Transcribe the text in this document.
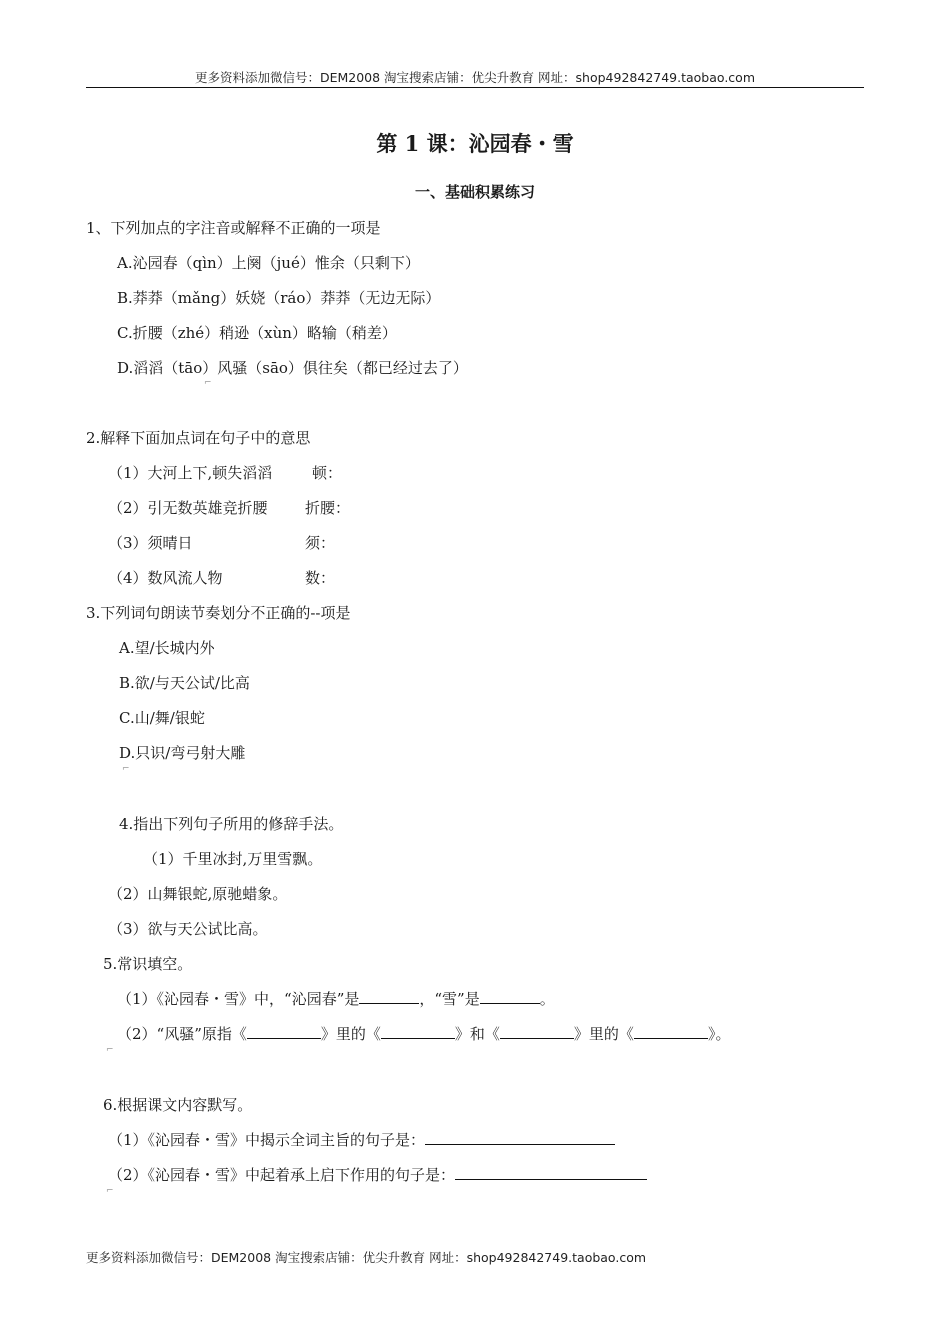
更多资料添加微信号：DEM2008 淘宝搜索店铺：优尖升教育 网址：shop492842749.taobao.com
第 1 课：沁园春・雪
一、基础积累练习
1、下列加点的字注音或解释不正确的一项是
A.沁园春（qìn）上阕（jué）惟余（只剩下）
B.莽莽（mǎng）妖娆（ráo）莽莽（无边无际）
C.折腰（zhé）稍逊（xùn）略输（稍差）
D.滔滔（tāo）风骚（sāo）俱往矣（都已经过去了）
2.解释下面加点词在句子中的意思
（1）大河上下,顿失滔滔	顿：
（2）引无数英雄竞折腰 折腰：
（3）须晴日	须：
（4）数风流人物	数：
3.下列词句朗读节奏划分不正确的--项是
A.望/长城内外
B.欲/与天公试/比高
C.山/舞/银蛇
D.只识/弯弓射大雕
4.指出下列句子所用的修辞手法。
（1）千里冰封,万里雪飘。
（2）山舞银蛇,原驰蜡象。
（3）欲与天公试比高。
5.常识填空。
（1）《沁园春・雪》中，“沁园春”是	，“雪”是	。
（2）“风骚”原指《	》里的《	》和《	》里的《	》。
6.根据课文内容默写。
（1）《沁园春・雪》中揭示全词主旨的句子是：
（2）《沁园春・雪》中起着承上启下作用的句子是：
⌐
⌐
⌐
⌐
更多资料添加微信号：DEM2008 淘宝搜索店铺：优尖升教育 网址：shop492842749.taobao.com
